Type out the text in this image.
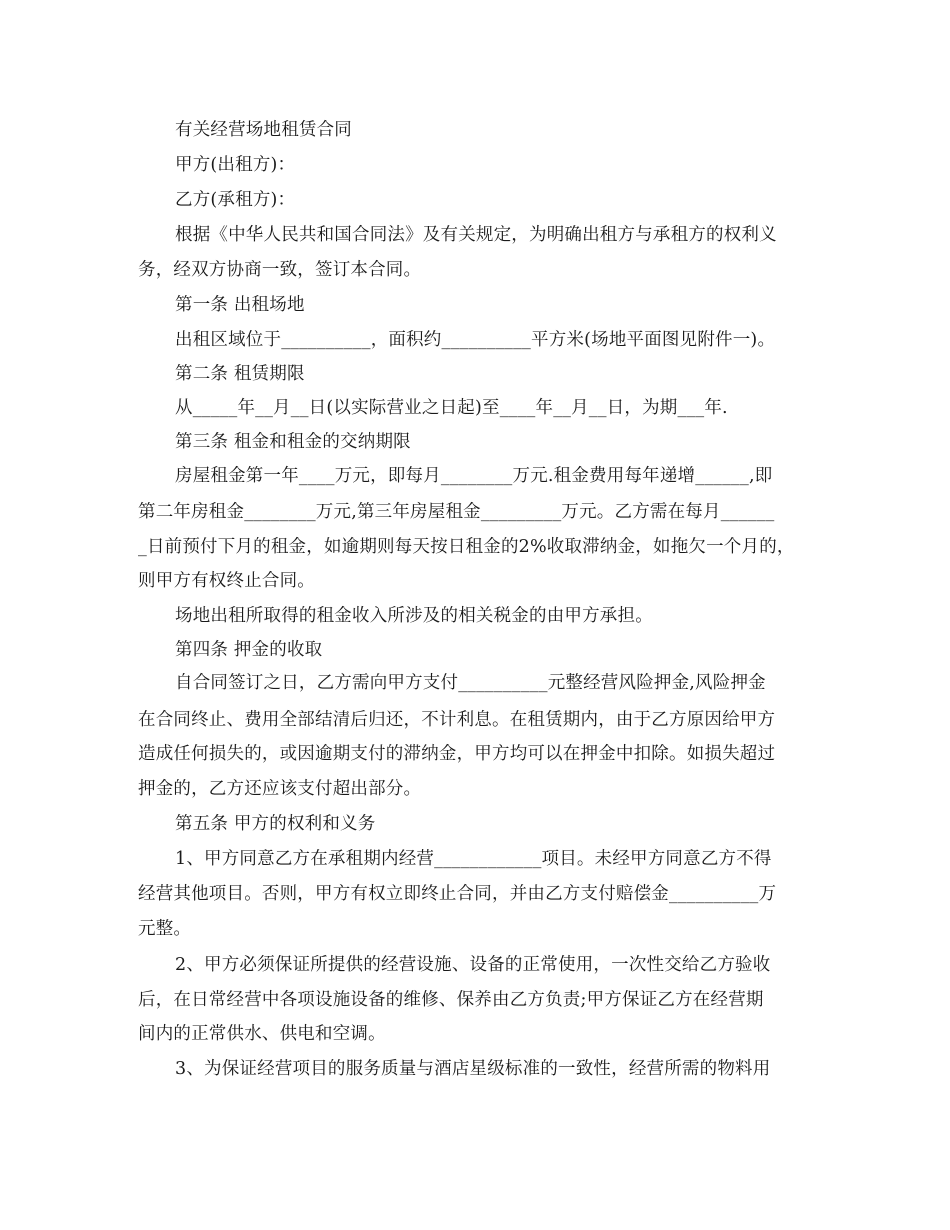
有关经营场地租赁合同
甲方(出租方)：
乙方(承租方)：
根据《中华人民共和国合同法》及有关规定，为明确出租方与承租方的权利义
务，经双方协商一致，签订本合同。
第一条 出租场地
出租区域位于__________，面积约__________平方米(场地平面图见附件一)。
第二条 租赁期限
从_____年__月__日(以实际营业之日起)至____年__月__日，为期___年.
第三条 租金和租金的交纳期限
房屋租金第一年____万元，即每月________万元.租金费用每年递增______,即
第二年房租金________万元,第三年房屋租金_________万元。乙方需在每月______
_日前预付下月的租金，如逾期则每天按日租金的2%收取滞纳金，如拖欠一个月的，
则甲方有权终止合同。
场地出租所取得的租金收入所涉及的相关税金的由甲方承担。
第四条 押金的收取
自合同签订之日，乙方需向甲方支付__________元整经营风险押金,风险押金
在合同终止、费用全部结清后归还，不计利息。在租赁期内，由于乙方原因给甲方
造成任何损失的，或因逾期支付的滞纳金，甲方均可以在押金中扣除。如损失超过
押金的，乙方还应该支付超出部分。
第五条 甲方的权利和义务
1、甲方同意乙方在承租期内经营____________项目。未经甲方同意乙方不得
经营其他项目。否则，甲方有权立即终止合同，并由乙方支付赔偿金__________万
元整。
2、甲方必须保证所提供的经营设施、设备的正常使用，一次性交给乙方验收
后，在日常经营中各项设施设备的维修、保养由乙方负责;甲方保证乙方在经营期
间内的正常供水、供电和空调。
3、为保证经营项目的服务质量与酒店星级标准的一致性，经营所需的物料用
